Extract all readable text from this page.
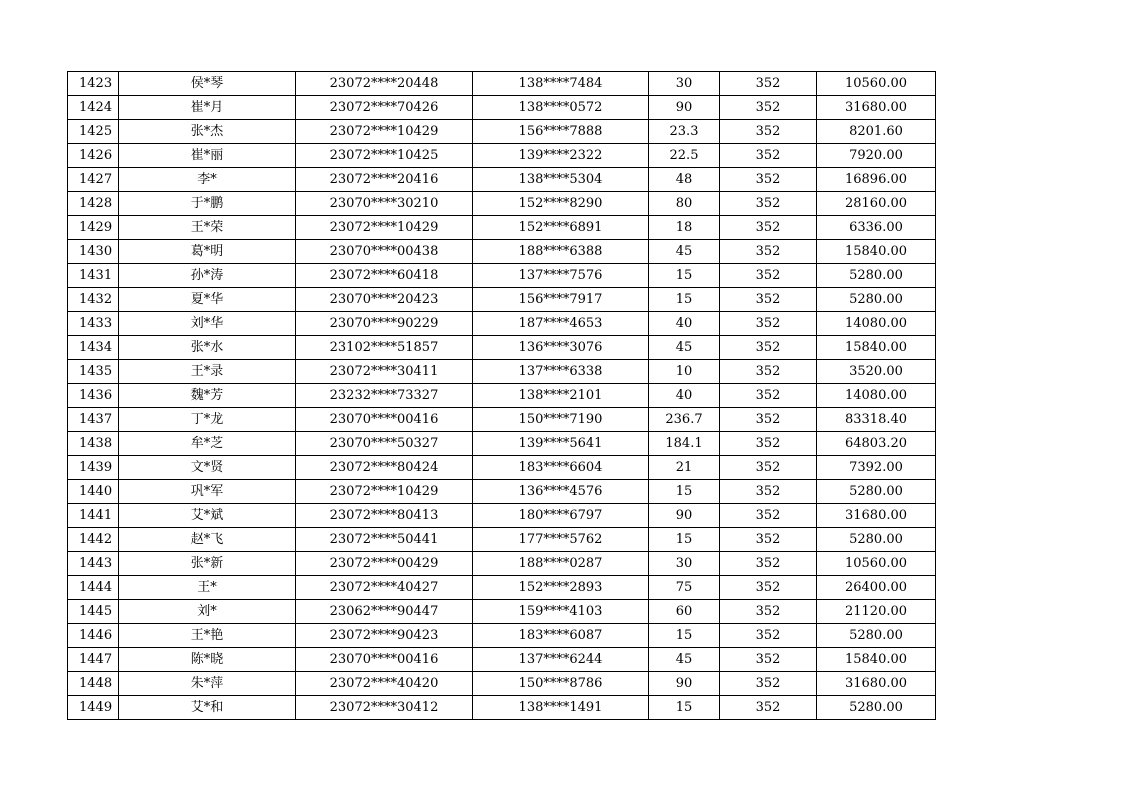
1423	侯*琴	23072****20448	138****7484	30	352	10560.00
1424	崔*月	23072****70426	138****0572	90	352	31680.00
1425	张*杰	23072****10429	156****7888	23.3	352	8201.60
1426	崔*丽	23072****10425	139****2322	22.5	352	7920.00
1427	李*	23072****20416	138****5304	48	352	16896.00
1428	于*鹏	23070****30210	152****8290	80	352	28160.00
1429	王*荣	23072****10429	152****6891	18	352	6336.00
1430	葛*明	23070****00438	188****6388	45	352	15840.00
1431	孙*涛	23072****60418	137****7576	15	352	5280.00
1432	夏*华	23070****20423	156****7917	15	352	5280.00
1433	刘*华	23070****90229	187****4653	40	352	14080.00
1434	张*水	23102****51857	136****3076	45	352	15840.00
1435	王*录	23072****30411	137****6338	10	352	3520.00
1436	魏*芳	23232****73327	138****2101	40	352	14080.00
1437	丁*龙	23070****00416	150****7190	236.7	352	83318.40
1438	牟*芝	23070****50327	139****5641	184.1	352	64803.20
1439	文*贤	23072****80424	183****6604	21	352	7392.00
1440	巩*军	23072****10429	136****4576	15	352	5280.00
1441	艾*斌	23072****80413	180****6797	90	352	31680.00
1442	赵*飞	23072****50441	177****5762	15	352	5280.00
1443	张*新	23072****00429	188****0287	30	352	10560.00
1444	王*	23072****40427	152****2893	75	352	26400.00
1445	刘*	23062****90447	159****4103	60	352	21120.00
1446	王*艳	23072****90423	183****6087	15	352	5280.00
1447	陈*晓	23070****00416	137****6244	45	352	15840.00
1448	朱*萍	23072****40420	150****8786	90	352	31680.00
1449	艾*和	23072****30412	138****1491	15	352	5280.00
